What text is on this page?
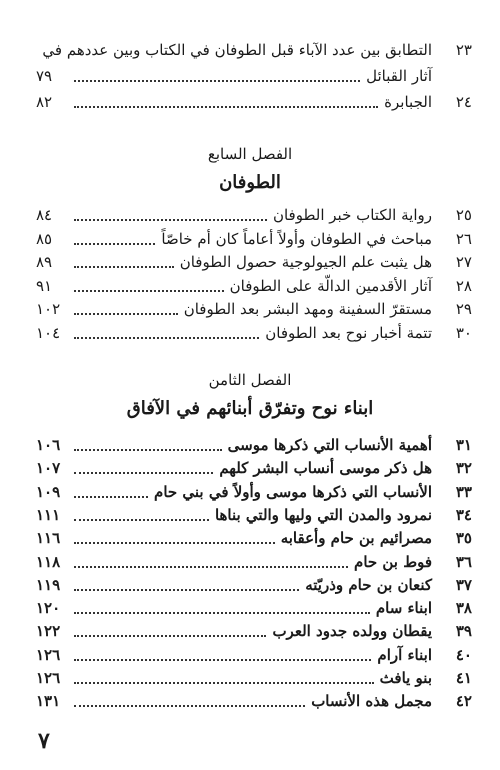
٢٣
التطابق بين عدد الآباء قبل الطوفان في الكتاب وبين عددهم في
آثار القبائل
٧٩
٢٤
الجبابرة
٨٢
الفصل السابع
الطوفان
٢٥
رواية الكتاب خبر الطوفان
٨٤
٢٦
مباحث في الطوفان وأولاً أعاماً كان أم خاصّاً
٨٥
٢٧
هل يثبت علم الجيولوجية حصول الطوفان
٨٩
٢٨
آثار الأقدمين الدالّة على الطوفان
٩١
٢٩
مستقرّ السفينة ومهد البشر بعد الطوفان
١٠٢
٣٠
تتمة أخبار نوح بعد الطوفان
١٠٤
الفصل الثامن
ابناء نوح وتفرّق أبنائهم في الآفاق
٣١
أهمية الأنساب التي ذكرها موسى
١٠٦
٣٢
هل ذكر موسى أنساب البشر كلهم
١٠٧
٣٣
الأنساب التي ذكرها موسى وأولاً في بني حام
١٠٩
٣٤
نمرود والمدن التي وليها والتي بناها
١١١
٣٥
مصرائيم بن حام وأعقابه
١١٦
٣٦
فوط بن حام
١١٨
٣٧
كنعان بن حام وذريّته
١١٩
٣٨
ابناء سام
١٢٠
٣٩
يقطان وولده جدود العرب
١٢٢
٤٠
ابناء آرام
١٢٦
٤١
بنو يافث
١٢٦
٤٢
مجمل هذه الأنساب
١٣١
٧
